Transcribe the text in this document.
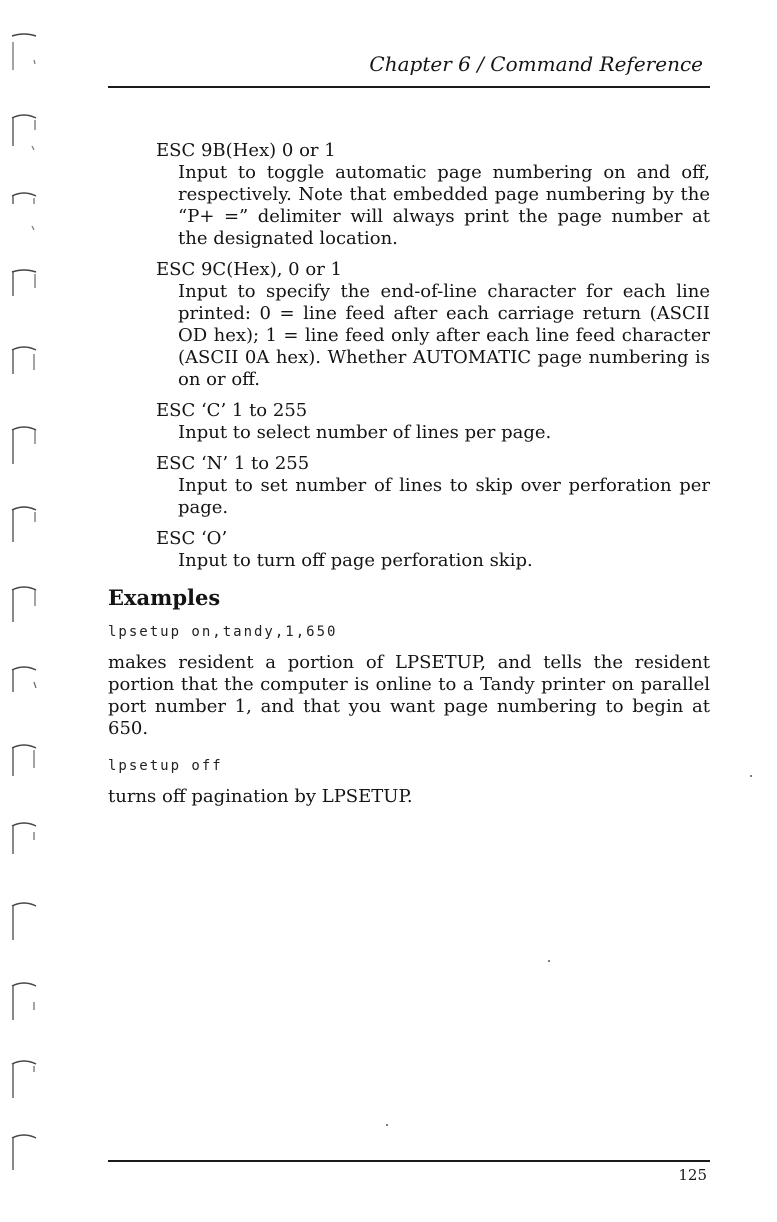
Chapter 6 / Command Reference

ESC 9B(Hex) 0 or 1

Input to toggle automatic page numbering on and off, respectively. Note that embedded page numbering by the “P+ =” delimiter will always print the page number at the designated location.

ESC 9C(Hex), 0 or 1

Input to specify the end-of-line character for each line printed: 0 = line feed after each carriage return (ASCII OD hex); 1 = line feed only after each line feed character (ASCII 0A hex). Whether AUTOMATIC page numbering is on or off.

ESC ‘C’ 1 to 255

Input to select number of lines per page.

ESC ‘N’ 1 to 255

Input to set number of lines to skip over perforation per page.

ESC ‘O’

Input to turn off page perforation skip.

Examples

lpsetup on,tandy,1,650

makes resident a portion of LPSETUP, and tells the resident portion that the computer is online to a Tandy printer on parallel port number 1, and that you want page numbering to begin at 650.

lpsetup off

turns off pagination by LPSETUP.

125
